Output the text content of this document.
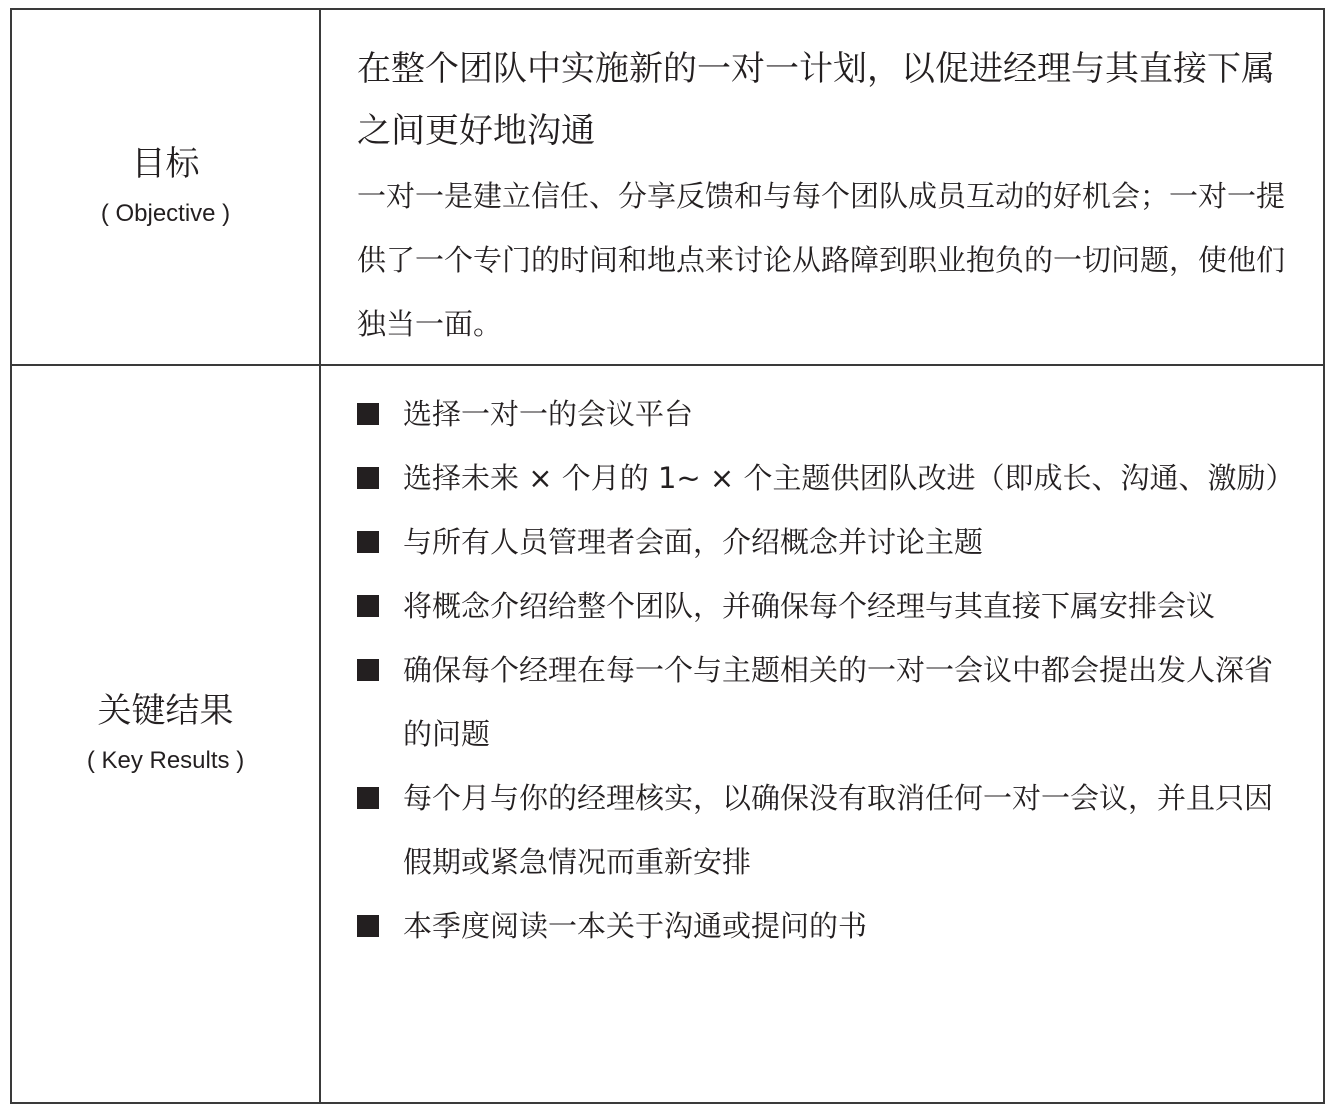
目标
( Objective )

在整个团队中实施新的一对一计划，以促进经理与其直接下属之间更好地沟通

一对一是建立信任、分享反馈和与每个团队成员互动的好机会；一对一提供了一个专门的时间和地点来讨论从路障到职业抱负的一切问题，使他们独当一面。

关键结果
( Key Results )
选择一对一的会议平台
选择未来 × 个月的 1~ × 个主题供团队改进（即成长、沟通、激励）
与所有人员管理者会面，介绍概念并讨论主题
将概念介绍给整个团队，并确保每个经理与其直接下属安排会议
确保每个经理在每一个与主题相关的一对一会议中都会提出发人深省的问题
每个月与你的经理核实，以确保没有取消任何一对一会议，并且只因假期或紧急情况而重新安排
本季度阅读一本关于沟通或提问的书
